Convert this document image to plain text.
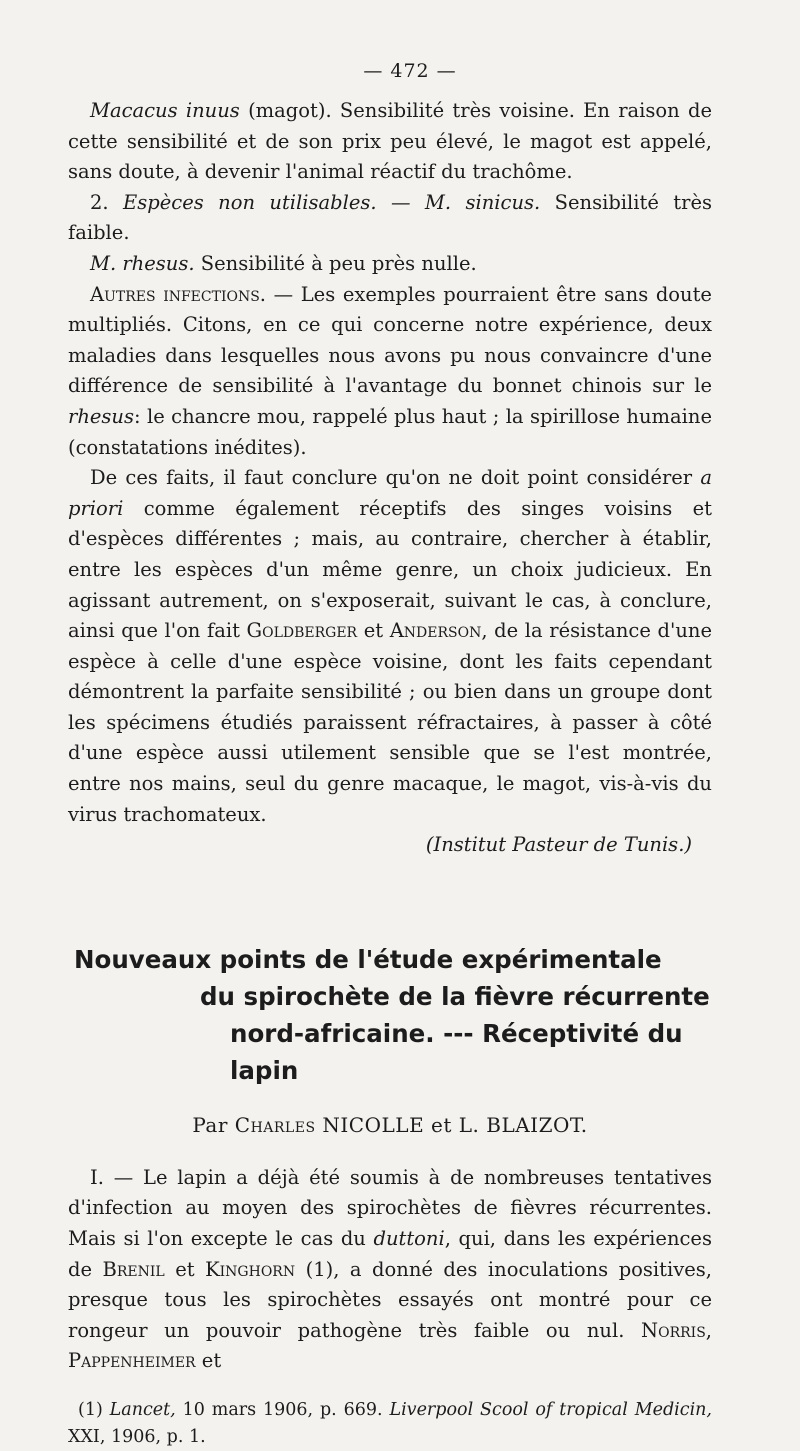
— 472 —

Macacus inuus (magot). Sensibilité très voisine. En raison de cette sensibilité et de son prix peu élevé, le magot est appelé, sans doute, à devenir l'animal réactif du trachôme.

2. Espèces non utilisables. — M. sinicus. Sensibilité très faible.

M. rhesus. Sensibilité à peu près nulle.

Autres infections. — Les exemples pourraient être sans doute multipliés. Citons, en ce qui concerne notre expérience, deux maladies dans lesquelles nous avons pu nous convaincre d'une différence de sensibilité à l'avantage du bonnet chinois sur le rhesus: le chancre mou, rappelé plus haut ; la spirillose humaine (constatations inédites).

De ces faits, il faut conclure qu'on ne doit point considérer a priori comme également réceptifs des singes voisins et d'espèces différentes ; mais, au contraire, chercher à établir, entre les espèces d'un même genre, un choix judicieux. En agissant autrement, on s'exposerait, suivant le cas, à conclure, ainsi que l'on fait Goldberger et Anderson, de la résistance d'une espèce à celle d'une espèce voisine, dont les faits cependant démontrent la parfaite sensibilité ; ou bien dans un groupe dont les spécimens étudiés paraissent réfractaires, à passer à côté d'une espèce aussi utilement sensible que se l'est montrée, entre nos mains, seul du genre macaque, le magot, vis-à-vis du virus trachomateux.

(Institut Pasteur de Tunis.)
Nouveaux points de l'étude expérimentale
du spirochète de la fièvre récurrente
nord-africaine. --- Réceptivité du lapin
Par Charles NICOLLE et L. BLAIZOT.

I. — Le lapin a déjà été soumis à de nombreuses tentatives d'infection au moyen des spirochètes de fièvres récurrentes. Mais si l'on excepte le cas du duttoni, qui, dans les expériences de Brenil et Kinghorn (1), a donné des inoculations positives, presque tous les spirochètes essayés ont montré pour ce rongeur un pouvoir pathogène très faible ou nul. Norris, Pappenheimer et

(1) Lancet, 10 mars 1906, p. 669. Liverpool Scool of tropical Medicin, XXI, 1906, p. 1.
